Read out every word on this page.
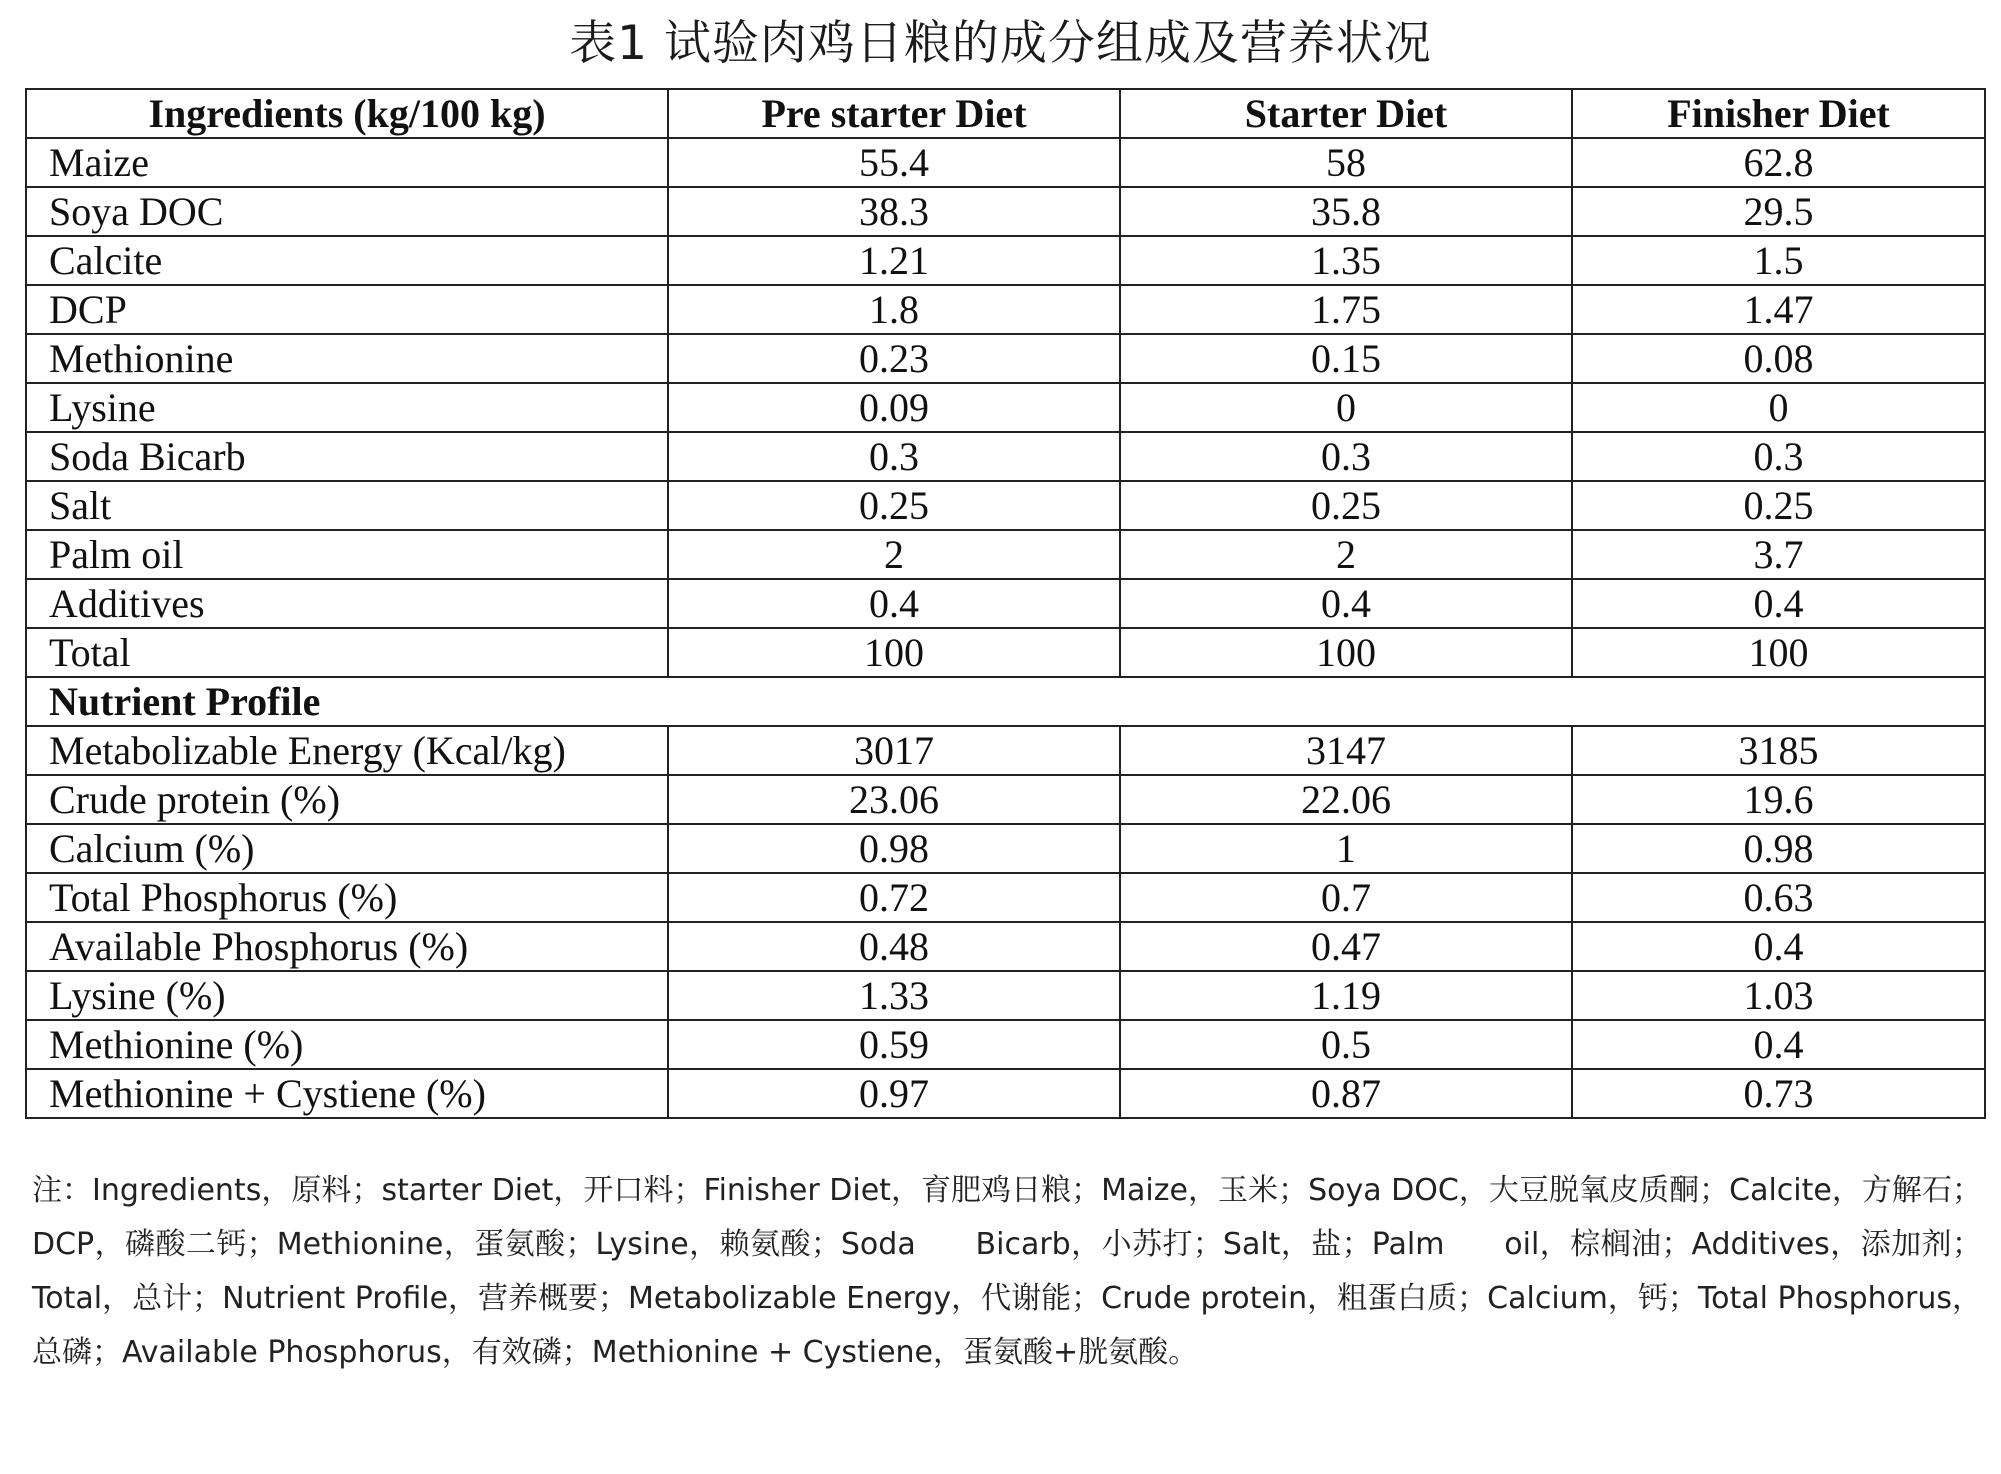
表1 试验肉鸡日粮的成分组成及营养状况
Ingredients (kg/100 kg)	Pre starter Diet	Starter Diet	Finisher Diet
Maize	55.4	58	62.8
Soya DOC	38.3	35.8	29.5
Calcite	1.21	1.35	1.5
DCP	1.8	1.75	1.47
Methionine	0.23	0.15	0.08
Lysine	0.09	0	0
Soda Bicarb	0.3	0.3	0.3
Salt	0.25	0.25	0.25
Palm oil	2	2	3.7
Additives	0.4	0.4	0.4
Total	100	100	100
Nutrient Profile			
Metabolizable Energy (Kcal/kg)	3017	3147	3185
Crude protein (%)	23.06	22.06	19.6
Calcium (%)	0.98	1	0.98
Total Phosphorus (%)	0.72	0.7	0.63
Available Phosphorus (%)	0.48	0.47	0.4
Lysine (%)	1.33	1.19	1.03
Methionine (%)	0.59	0.5	0.4
Methionine + Cystiene (%)	0.97	0.87	0.73
注：Ingredients，原料；starter Diet，开口料；Finisher Diet，育肥鸡日粮；Maize，玉米；Soya DOC，大豆脱氧皮质酮；Calcite，方解石；DCP，磷酸二钙；Methionine，蛋氨酸；Lysine，赖氨酸；Soda      Bicarb，小苏打；Salt，盐；Palm      oil，棕榈油；Additives，添加剂；Total，总计；Nutrient Profile，营养概要；Metabolizable Energy，代谢能；Crude protein，粗蛋白质；Calcium，钙；Total Phosphorus，总磷；Available Phosphorus，有效磷；Methionine + Cystiene，蛋氨酸+胱氨酸。
